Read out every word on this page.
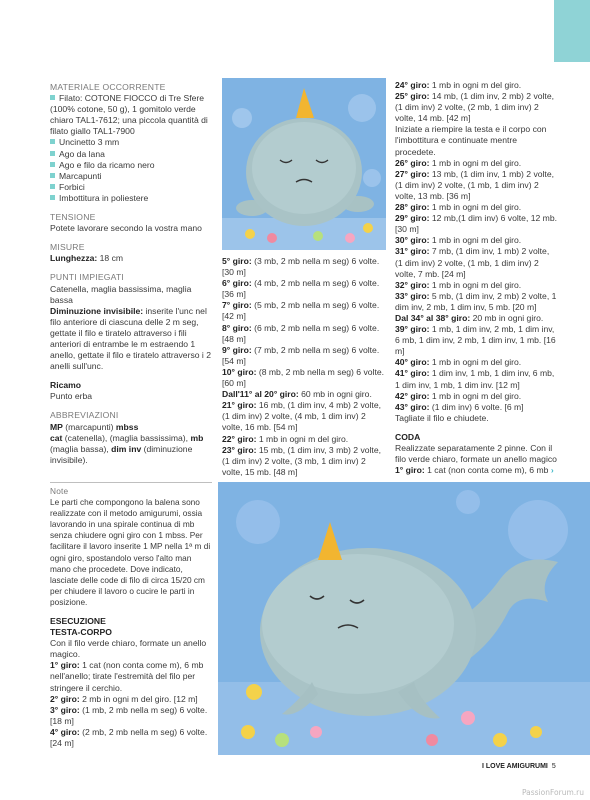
MATERIALE OCCORRENTE

Filato: COTONE FIOCCO di Tre Sfere (100% cotone, 50 g), 1 gomitolo verde chiaro TAL1-7612; una piccola quantità di filato giallo TAL1-7900

Uncinetto 3 mm

Ago da lana

Ago e filo da ricamo nero

Marcapunti

Forbici

Imbottitura in poliestere

TENSIONE

Potete lavorare secondo la vostra mano

MISURE

Lunghezza: 18 cm

PUNTI IMPIEGATI

Catenella, maglia bassissima, maglia bassa

Diminuzione invisibile: inserite l'unc nel filo anteriore di ciascuna delle 2 m seg, gettate il filo e tiratelo attraverso i fili anteriori di entrambe le m estraendo 1 anello, gettate il filo e tiratelo attraverso i 2 anelli sull'unc.

Ricamo

Punto erba

ABBREVIAZIONI

MP (marcapunti) mbss
cat (catenella), (maglia bassissima), mb (maglia bassa), dim inv (diminuzione invisibile).

Note

Le parti che compongono la balena sono realizzate con il metodo amigurumi, ossia lavorando in una spirale continua di mb senza chiudere ogni giro con 1 mbss. Per facilitare il lavoro inserite 1 MP nella 1ª m di ogni giro, spostandolo verso l'alto man mano che procedete. Dove indicato, lasciate delle code di filo di circa 15/20 cm per chiudere il lavoro o cucire le parti in posizione.

ESECUZIONE

TESTA-CORPO

Con il filo verde chiaro, formate un anello magico.

1° giro: 1 cat (non conta come m), 6 mb nell'anello; tirate l'estremità del filo per stringere il cerchio.

2° giro: 2 mb in ogni m del giro. [12 m]

3° giro: (1 mb, 2 mb nella m seg) 6 volte. [18 m]

4° giro: (2 mb, 2 mb nella m seg) 6 volte. [24 m]

5° giro: (3 mb, 2 mb nella m seg) 6 volte. [30 m]

6° giro: (4 mb, 2 mb nella m seg) 6 volte. [36 m]

7° giro: (5 mb, 2 mb nella m seg) 6 volte. [42 m]

8° giro: (6 mb, 2 mb nella m seg) 6 volte. [48 m]

9° giro: (7 mb, 2 mb nella m seg) 6 volte. [54 m]

10° giro: (8 mb, 2 mb nella m seg) 6 volte. [60 m]

Dall'11° al 20° giro: 60 mb in ogni giro.

21° giro: 16 mb, (1 dim inv, 4 mb) 2 volte, (1 dim inv) 2 volte, (4 mb, 1 dim inv) 2 volte, 16 mb. [54 m]

22° giro: 1 mb in ogni m del giro.

23° giro: 15 mb, (1 dim inv, 3 mb) 2 volte, (1 dim inv) 2 volte, (3 mb, 1 dim inv) 2 volte, 15 mb. [48 m]

24° giro: 1 mb in ogni m del giro.

25° giro: 14 mb, (1 dim inv, 2 mb) 2 volte, (1 dim inv) 2 volte, (2 mb, 1 dim inv) 2 volte, 14 mb. [42 m]

Iniziate a riempire la testa e il corpo con l'imbottitura e continuate mentre procedete.

26° giro: 1 mb in ogni m del giro.

27° giro: 13 mb, (1 dim inv, 1 mb) 2 volte, (1 dim inv) 2 volte, (1 mb, 1 dim inv) 2 volte, 13 mb. [36 m]

28° giro: 1 mb in ogni m del giro.

29° giro: 12 mb,(1 dim inv) 6 volte, 12 mb. [30 m]

30° giro: 1 mb in ogni m del giro.

31° giro: 7 mb, (1 dim inv, 1 mb) 2 volte, (1 dim inv) 2 volte, (1 mb, 1 dim inv) 2 volte, 7 mb. [24 m]

32° giro: 1 mb in ogni m del giro.

33° giro: 5 mb, (1 dim inv, 2 mb) 2 volte, 1 dim inv, 2 mb, 1 dim inv, 5 mb. [20 m]

Dal 34° al 38° giro: 20 mb in ogni giro.

39° giro: 1 mb, 1 dim inv, 2 mb, 1 dim inv, 6 mb, 1 dim inv, 2 mb, 1 dim inv, 1 mb. [16 m]

40° giro: 1 mb in ogni m del giro.

41° giro: 1 dim inv, 1 mb, 1 dim inv, 6 mb, 1 dim inv, 1 mb, 1 dim inv. [12 m]

42° giro: 1 mb in ogni m del giro.

43° giro: (1 dim inv) 6 volte. [6 m]

Tagliate il filo e chiudete.

CODA

Realizzate separatamente 2 pinne. Con il filo verde chiaro, formate un anello magico

1° giro: 1 cat (non conta come m), 6 mb ›

I LOVE AMIGURUMI 5
PassionForum.ru
